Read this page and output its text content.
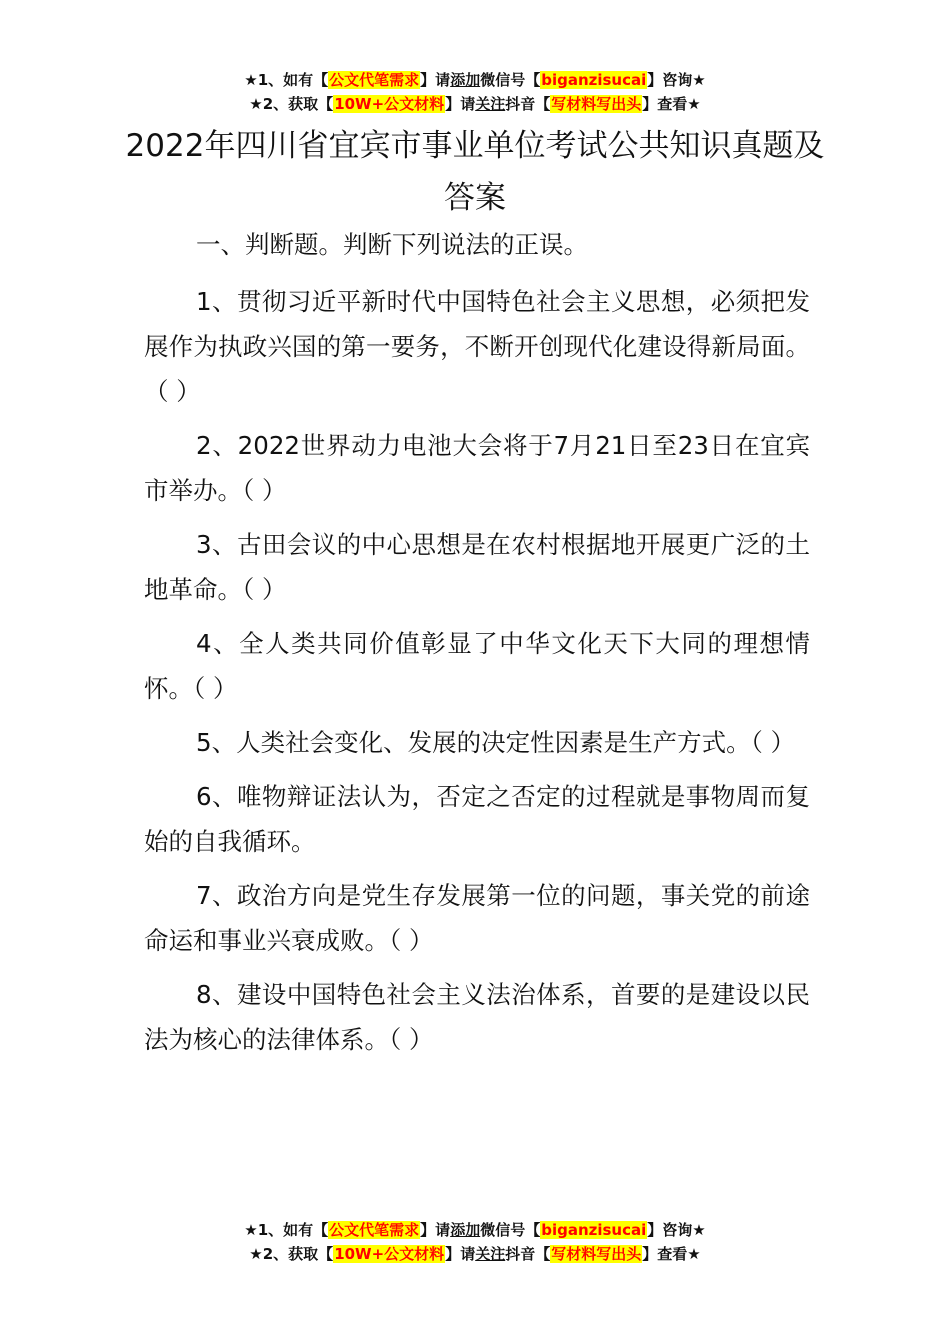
★1、如有【公文代笔需求】请添加微信号【biganzisucai】咨询★
★2、获取【10W+公文材料】请关注抖音【写材料写出头】查看★
2022年四川省宜宾市事业单位考试公共知识真题及答案

一、判断题。判断下列说法的正误。

1、贯彻习近平新时代中国特色社会主义思想，必须把发展作为执政兴国的第一要务，不断开创现代化建设得新局面。（ ）

2、2022世界动力电池大会将于7月21日至23日在宜宾市举办。（ ）

3、古田会议的中心思想是在农村根据地开展更广泛的土地革命。（ ）

4、全人类共同价值彰显了中华文化天下大同的理想情怀。（ ）

5、人类社会变化、发展的决定性因素是生产方式。（ ）

6、唯物辩证法认为，否定之否定的过程就是事物周而复始的自我循环。

7、政治方向是党生存发展第一位的问题，事关党的前途命运和事业兴衰成败。（ ）

8、建设中国特色社会主义法治体系，首要的是建设以民法为核心的法律体系。（ ）

★1、如有【公文代笔需求】请添加微信号【biganzisucai】咨询★
★2、获取【10W+公文材料】请关注抖音【写材料写出头】查看★
